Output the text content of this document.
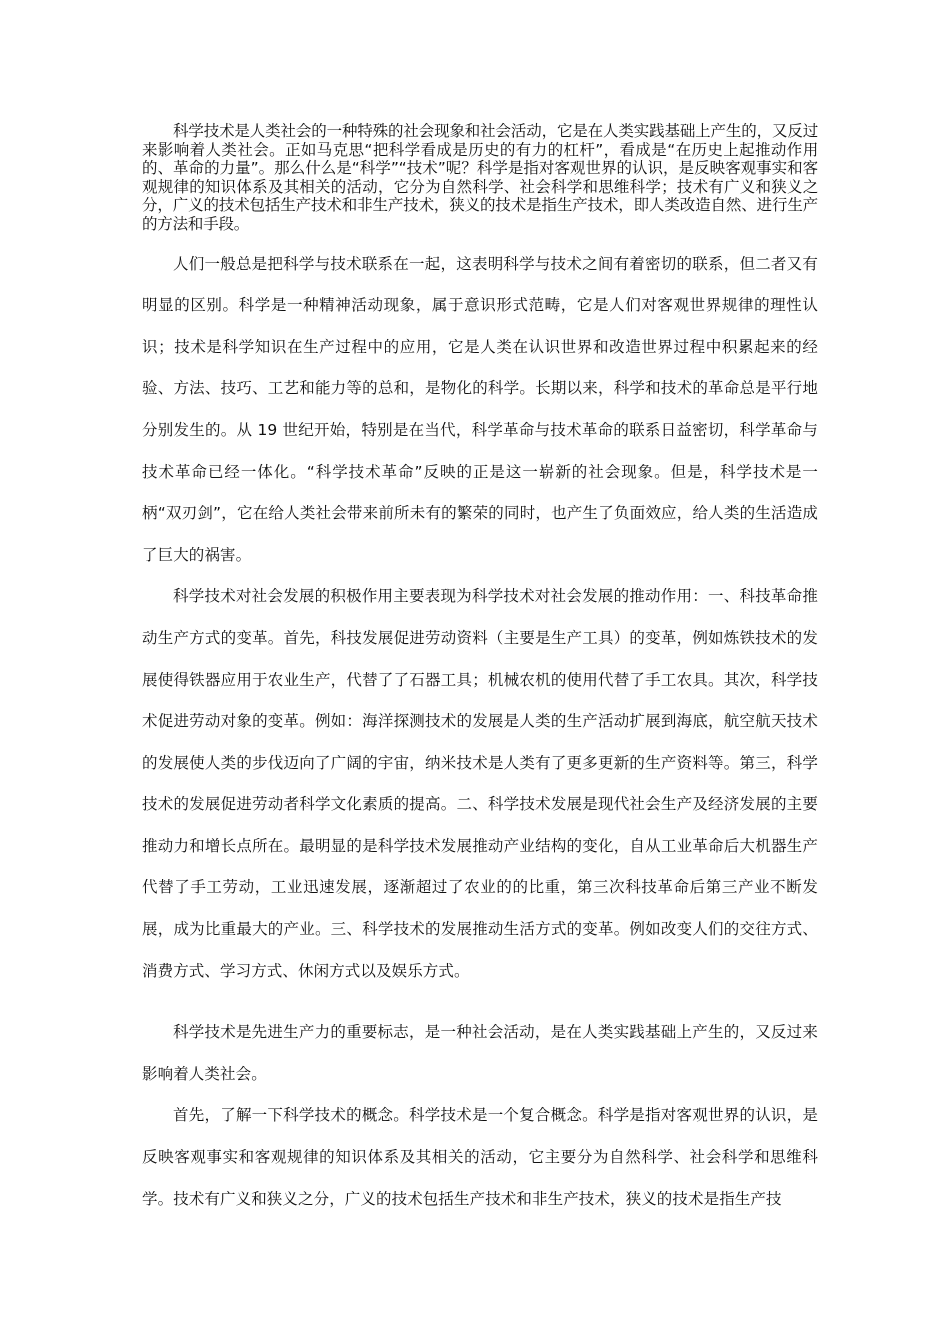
科学技术是人类社会的一种特殊的社会现象和社会活动，它是在人类实践基础上产生的，又反过来影响着人类社会。正如马克思“把科学看成是历史的有力的杠杆”，看成是“在历史上起推动作用的、革命的力量”。那么什么是“科学”“技术”呢？科学是指对客观世界的认识，是反映客观事实和客观规律的知识体系及其相关的活动，它分为自然科学、社会科学和思维科学；技术有广义和狭义之分，广义的技术包括生产技术和非生产技术，狭义的技术是指生产技术，即人类改造自然、进行生产的方法和手段。

人们一般总是把科学与技术联系在一起，这表明科学与技术之间有着密切的联系，但二者又有明显的区别。科学是一种精神活动现象，属于意识形式范畴，它是人们对客观世界规律的理性认识；技术是科学知识在生产过程中的应用，它是人类在认识世界和改造世界过程中积累起来的经验、方法、技巧、工艺和能力等的总和，是物化的科学。长期以来，科学和技术的革命总是平行地分别发生的。从 19 世纪开始，特别是在当代，科学革命与技术革命的联系日益密切，科学革命与技术革命已经一体化。“科学技术革命”反映的正是这一崭新的社会现象。但是，科学技术是一柄“双刃剑”，它在给人类社会带来前所未有的繁荣的同时，也产生了负面效应，给人类的生活造成了巨大的祸害。

科学技术对社会发展的积极作用主要表现为科学技术对社会发展的推动作用：一、科技革命推动生产方式的变革。首先，科技发展促进劳动资料（主要是生产工具）的变革，例如炼铁技术的发展使得铁器应用于农业生产，代替了了石器工具；机械农机的使用代替了手工农具。其次，科学技术促进劳动对象的变革。例如：海洋探测技术的发展是人类的生产活动扩展到海底，航空航天技术的发展使人类的步伐迈向了广阔的宇宙，纳米技术是人类有了更多更新的生产资料等。第三，科学技术的发展促进劳动者科学文化素质的提高。二、科学技术发展是现代社会生产及经济发展的主要推动力和增长点所在。最明显的是科学技术发展推动产业结构的变化，自从工业革命后大机器生产代替了手工劳动，工业迅速发展，逐渐超过了农业的的比重，第三次科技革命后第三产业不断发展，成为比重最大的产业。三、科学技术的发展推动生活方式的变革。例如改变人们的交往方式、消费方式、学习方式、休闲方式以及娱乐方式。

科学技术是先进生产力的重要标志，是一种社会活动，是在人类实践基础上产生的，又反过来影响着人类社会。

首先，了解一下科学技术的概念。科学技术是一个复合概念。科学是指对客观世界的认识，是反映客观事实和客观规律的知识体系及其相关的活动，它主要分为自然科学、社会科学和思维科学。技术有广义和狭义之分，广义的技术包括生产技术和非生产技术，狭义的技术是指生产技
